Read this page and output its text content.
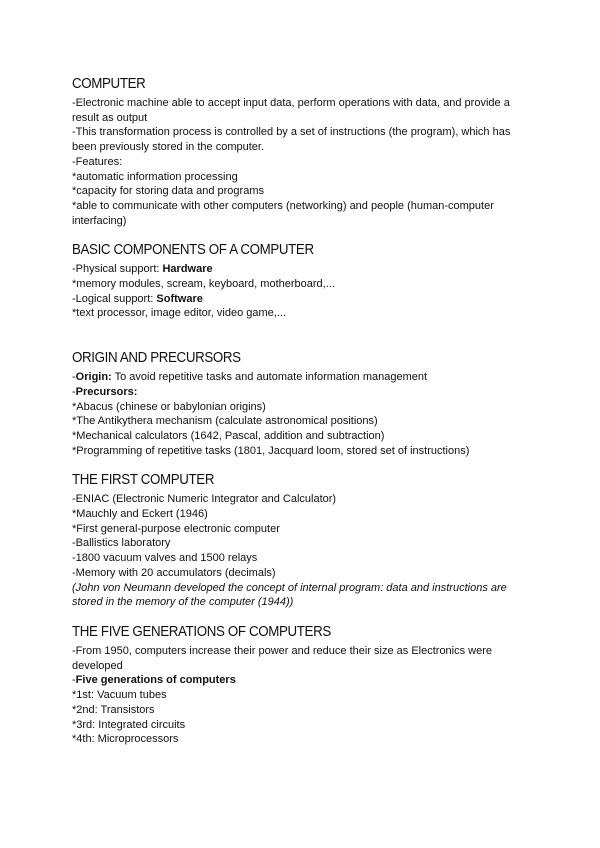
COMPUTER

-Electronic machine able to accept input data, perform operations with data, and provide a result as output

-This transformation process is controlled by a set of instructions (the program), which has been previously stored in the computer.

-Features:

*automatic information processing

*capacity for storing data and programs

*able to communicate with other computers (networking) and people (human-computer interfacing)

BASIC COMPONENTS OF A COMPUTER

-Physical support: Hardware

*memory modules, scream, keyboard, motherboard,...

-Logical support: Software

*text processor, image editor, video game,...

ORIGIN AND PRECURSORS

-Origin: To avoid repetitive tasks and automate information management

-Precursors:

*Abacus (chinese or babylonian origins)

*The Antikythera mechanism (calculate astronomical positions)

*Mechanical calculators (1642, Pascal, addition and subtraction)

*Programming of repetitive tasks (1801, Jacquard loom, stored set of instructions)

THE FIRST COMPUTER

-ENIAC (Electronic Numeric Integrator and Calculator)

*Mauchly and Eckert (1946)

*First general-purpose electronic computer

-Ballistics laboratory

-1800 vacuum valves and 1500 relays

-Memory with 20 accumulators (decimals)

(John von Neumann developed the concept of internal program: data and instructions are stored in the memory of the computer (1944))

THE FIVE GENERATIONS OF COMPUTERS

-From 1950, computers increase their power and reduce their size as Electronics were developed

-Five generations of computers

*1st: Vacuum tubes

*2nd: Transistors

*3rd: Integrated circuits

*4th: Microprocessors
